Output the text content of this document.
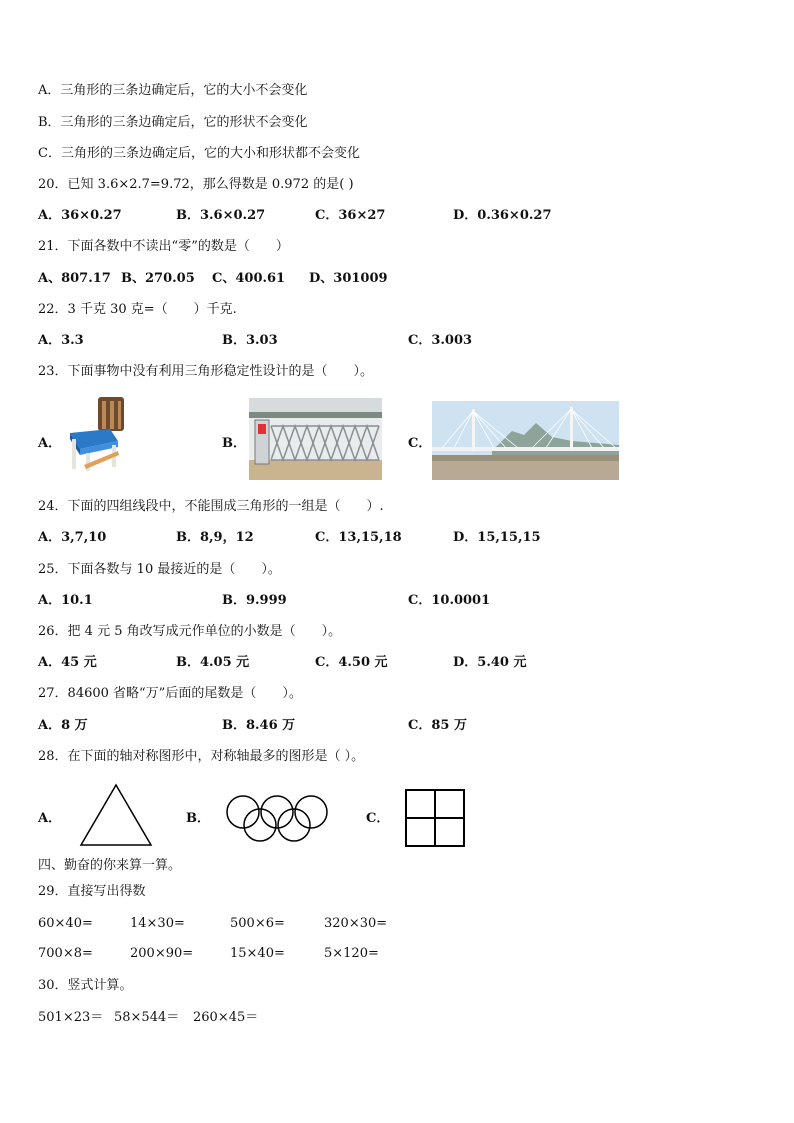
A．三角形的三条边确定后，它的大小不会变化
B．三角形的三条边确定后，它的形状不会变化
C．三角形的三条边确定后，它的大小和形状都不会变化
20．已知 3.6×2.7=9.72，那么得数是 0.972 的是( )
A．36×0.27	B．3.6×0.27	C．36×27	D．0.36×0.27
21．下面各数中不读出“零”的数是（　　）
A、807.17 B、270.05 C、400.61 D、301009
22．3 千克 30 克=（　　）千克.
A．3.3	B．3.03	C．3.003
23．下面事物中没有利用三角形稳定性设计的是（　　）。
A．	B．	C．
24．下面的四组线段中，不能围成三角形的一组是（　　）.
A．3,7,10	B．8,9，12	C．13,15,18	D．15,15,15
25．下面各数与 10 最接近的是（　　）。
A．10.1	B．9.999	C．10.0001
26．把 4 元 5 角改写成元作单位的小数是（　　）。
A．45 元	B．4.05 元	C．4.50 元	D．5.40 元
27．84600 省略“万”后面的尾数是（　　）。
A．8 万	B．8.46 万	C．85 万
28．在下面的轴对称图形中，对称轴最多的图形是（ ）。
A．	B．	C．
四、勤奋的你来算一算。
29．直接写出得数
60×40=	14×30=	500×6=	320×30=
700×8=	200×90=	15×40=	5×120=
30．竖式计算。
501×23＝ 58×544＝ 260×45＝
